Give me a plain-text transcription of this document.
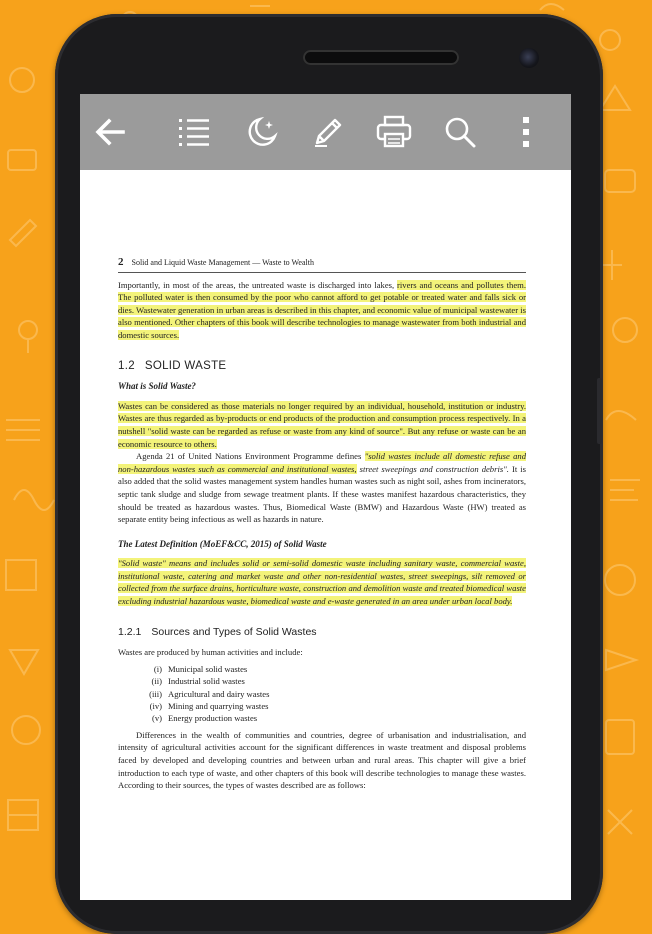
2 Solid and Liquid Waste Management — Waste to Wealth

Importantly, in most of the areas, the untreated waste is discharged into lakes, rivers and oceans and pollutes them. The polluted water is then consumed by the poor who cannot afford to get potable or treated water and falls sick or dies. Wastewater generation in urban areas is described in this chapter, and economic value of municipal wastewater is also mentioned. Other chapters of this book will describe technologies to manage wastewater from both industrial and domestic sources.

1.2 SOLID WASTE
What is Solid Waste?

Wastes can be considered as those materials no longer required by an individual, household, institution or industry. Wastes are thus regarded as by-products or end products of the production and consumption process respectively. In a nutshell "solid waste can be regarded as refuse or waste from any kind of source". But any refuse or waste can be an economic resource to others.

Agenda 21 of United Nations Environment Programme defines "solid wastes include all domestic refuse and non-hazardous wastes such as commercial and institutional wastes, street sweepings and construction debris". It is also added that the solid wastes management system handles human wastes such as night soil, ashes from incinerators, septic tank sludge and sludge from sewage treatment plants. If these wastes manifest hazardous characteristics, they should be treated as hazardous wastes. Thus, Biomedical Waste (BMW) and Hazardous Waste (HW) treated as separate entity being infectious as well as hazards in nature.

The Latest Definition (MoEF&CC, 2015) of Solid Waste

"Solid waste" means and includes solid or semi-solid domestic waste including sanitary waste, commercial waste, institutional waste, catering and market waste and other non-residential wastes, street sweepings, silt removed or collected from the surface drains, horticulture waste, construction and demolition waste and treated biomedical waste excluding industrial hazardous waste, biomedical waste and e-waste generated in an area under urban local body.

1.2.1 Sources and Types of Solid Wastes

Wastes are produced by human activities and include:

(i) Municipal solid wastes
(ii) Industrial solid wastes
(iii) Agricultural and dairy wastes
(iv) Mining and quarrying wastes
(v) Energy production wastes

Differences in the wealth of communities and countries, degree of urbanisation and industrialisation, and intensity of agricultural activities account for the significant differences in waste treatment and disposal problems faced by developed and developing countries and between urban and rural areas. This chapter will give a brief introduction to each type of waste, and other chapters of this book will describe technologies to manage these wastes. According to their sources, the types of wastes described are as follows:
